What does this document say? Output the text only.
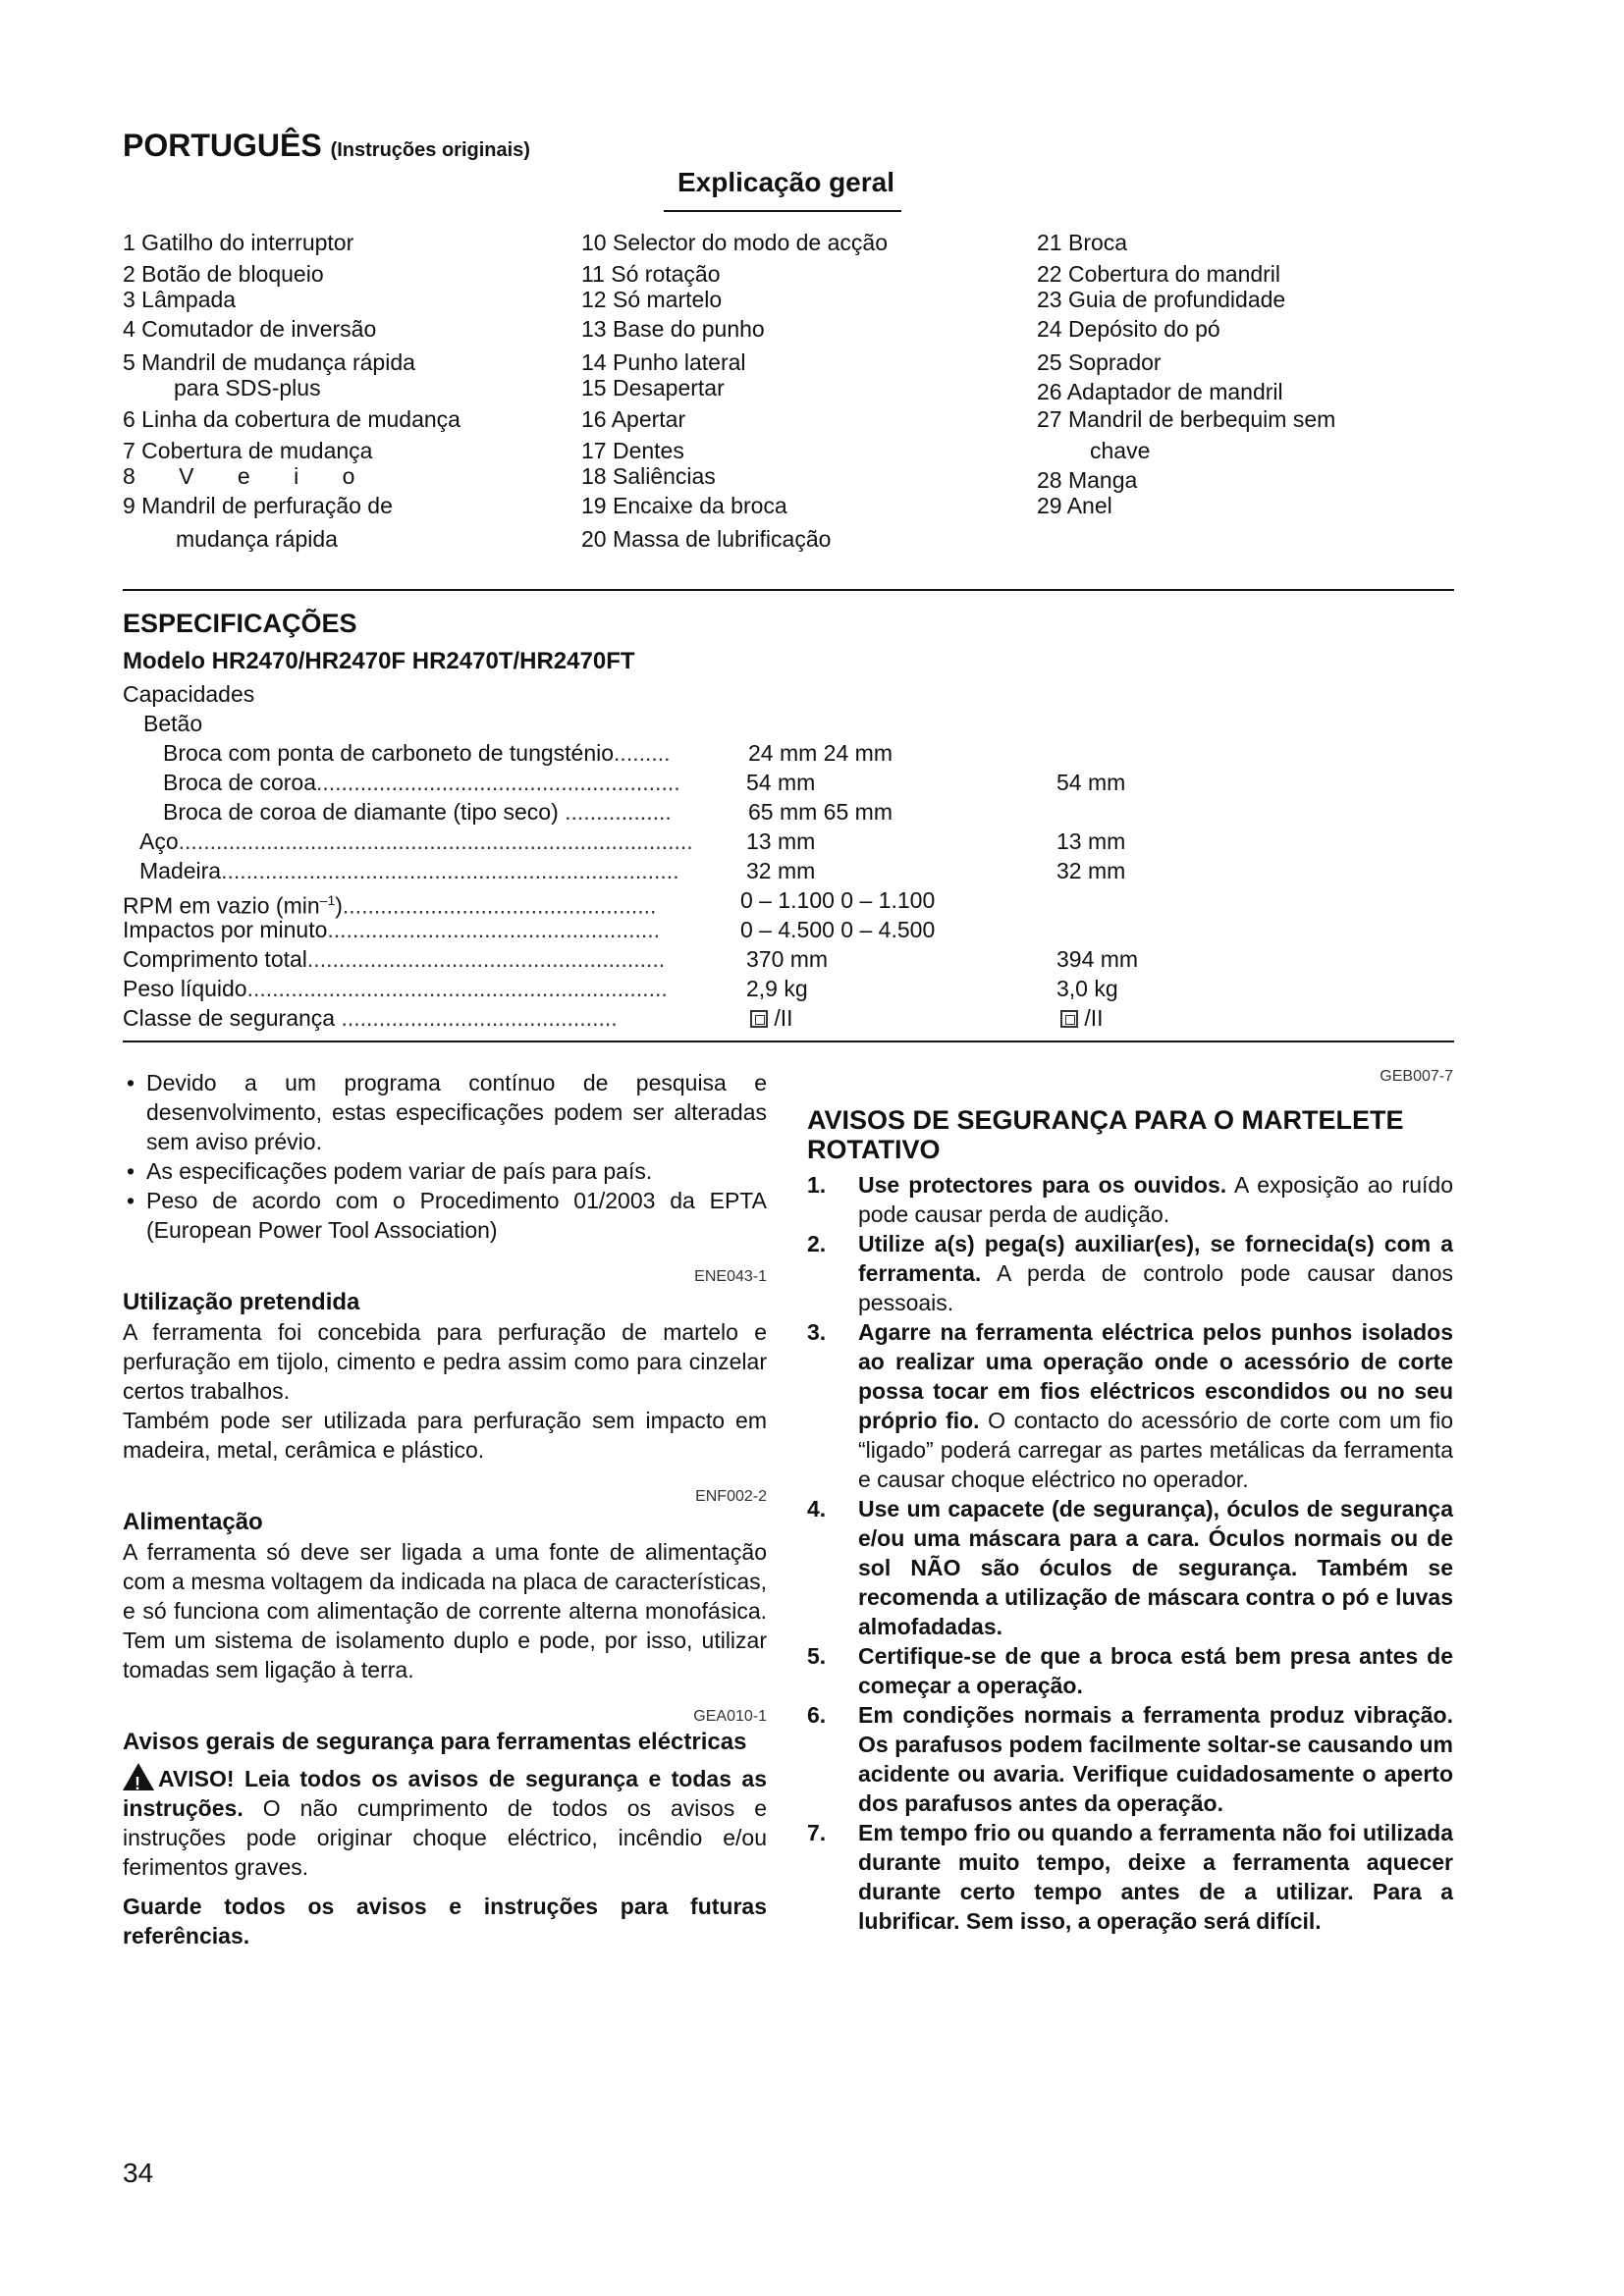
PORTUGUÊS (Instruções originais)
Explicação geral
1 Gatilho do interruptor
2 Botão de bloqueio
3 Lâmpada
4 Comutador de inversão
5 Mandril de mudança rápida
para SDS-plus
6 Linha da cobertura de mudança
7 Cobertura de mudança
8 V e i o
9 Mandril de perfuração de
mudança rápida
10 Selector do modo de acção
11 Só rotação
12 Só martelo
13 Base do punho
14 Punho lateral
15 Desapertar
16 Apertar
17 Dentes
18 Saliências
19 Encaixe da broca
20 Massa de lubrificação
21 Broca
22 Cobertura do mandril
23 Guia de profundidade
24 Depósito do pó
25 Soprador
26 Adaptador de mandril
27 Mandril de berbequim sem
chave
28 Manga
29 Anel
ESPECIFICAÇÕES
Modelo HR2470/HR2470F HR2470T/HR2470FT
Capacidades
Betão
Broca com ponta de carboneto de tungsténio.........	24 mm 24 mm
Broca de coroa..........................................................	54 mm	54 mm
Broca de coroa de diamante (tipo seco) .................	65 mm 65 mm
Aço.................................................................................. 13 mm	13 mm
Madeira.........................................................................	32 mm	32 mm
RPM em vazio $(\min^{-1})$..................................................	0 – 1.100 0 – 1.100
Impactos por minuto.....................................................	0 – 4.500 0 – 4.500
Comprimento total.........................................................	370 mm	394 mm
Peso líquido...................................................................	2,9 kg	3,0 kg
Classe de segurança ............................................	/II	/II
• Devido a um programa contínuo de pesquisa e desenvolvimento, estas especificações podem ser alteradas sem aviso prévio.
• As especificações podem variar de país para país.
• Peso de acordo com o Procedimento 01/2003 da EPTA (European Power Tool Association)
ENE043-1
Utilização pretendida
A ferramenta foi concebida para perfuração de martelo e perfuração em tijolo, cimento e pedra assim como para cinzelar certos trabalhos.
Também pode ser utilizada para perfuração sem impacto em madeira, metal, cerâmica e plástico.
ENF002-2
Alimentação
A ferramenta só deve ser ligada a uma fonte de alimentação com a mesma voltagem da indicada na placa de características, e só funciona com alimentação de corrente alterna monofásica. Tem um sistema de isolamento duplo e pode, por isso, utilizar tomadas sem ligação à terra.
GEA010-1
Avisos gerais de segurança para ferramentas eléctricas
! AVISO! Leia todos os avisos de segurança e todas as instruções. O não cumprimento de todos os avisos e instruções pode originar choque eléctrico, incêndio e/ou ferimentos graves.
Guarde todos os avisos e instruções para futuras referências.
GEB007-7
AVISOS DE SEGURANÇA PARA O MARTELETE ROTATIVO
1. Use protectores para os ouvidos. A exposição ao ruído pode causar perda de audição.
2. Utilize a(s) pega(s) auxiliar(es), se fornecida(s) com a ferramenta. A perda de controlo pode causar danos pessoais.
3. Agarre na ferramenta eléctrica pelos punhos isolados ao realizar uma operação onde o acessório de corte possa tocar em fios eléctricos escondidos ou no seu próprio fio. O contacto do acessório de corte com um fio “ligado” poderá carregar as partes metálicas da ferramenta e causar choque eléctrico no operador.
4. Use um capacete (de segurança), óculos de segurança e/ou uma máscara para a cara. Óculos normais ou de sol NÃO são óculos de segurança. Também se recomenda a utilização de máscara contra o pó e luvas almofadadas.
5. Certifique-se de que a broca está bem presa antes de começar a operação.
6. Em condições normais a ferramenta produz vibração. Os parafusos podem facilmente soltar-se causando um acidente ou avaria. Verifique cuidadosamente o aperto dos parafusos antes da operação.
7. Em tempo frio ou quando a ferramenta não foi utilizada durante muito tempo, deixe a ferramenta aquecer durante certo tempo antes de a utilizar. Para a lubrificar. Sem isso, a operação será difícil.
34
